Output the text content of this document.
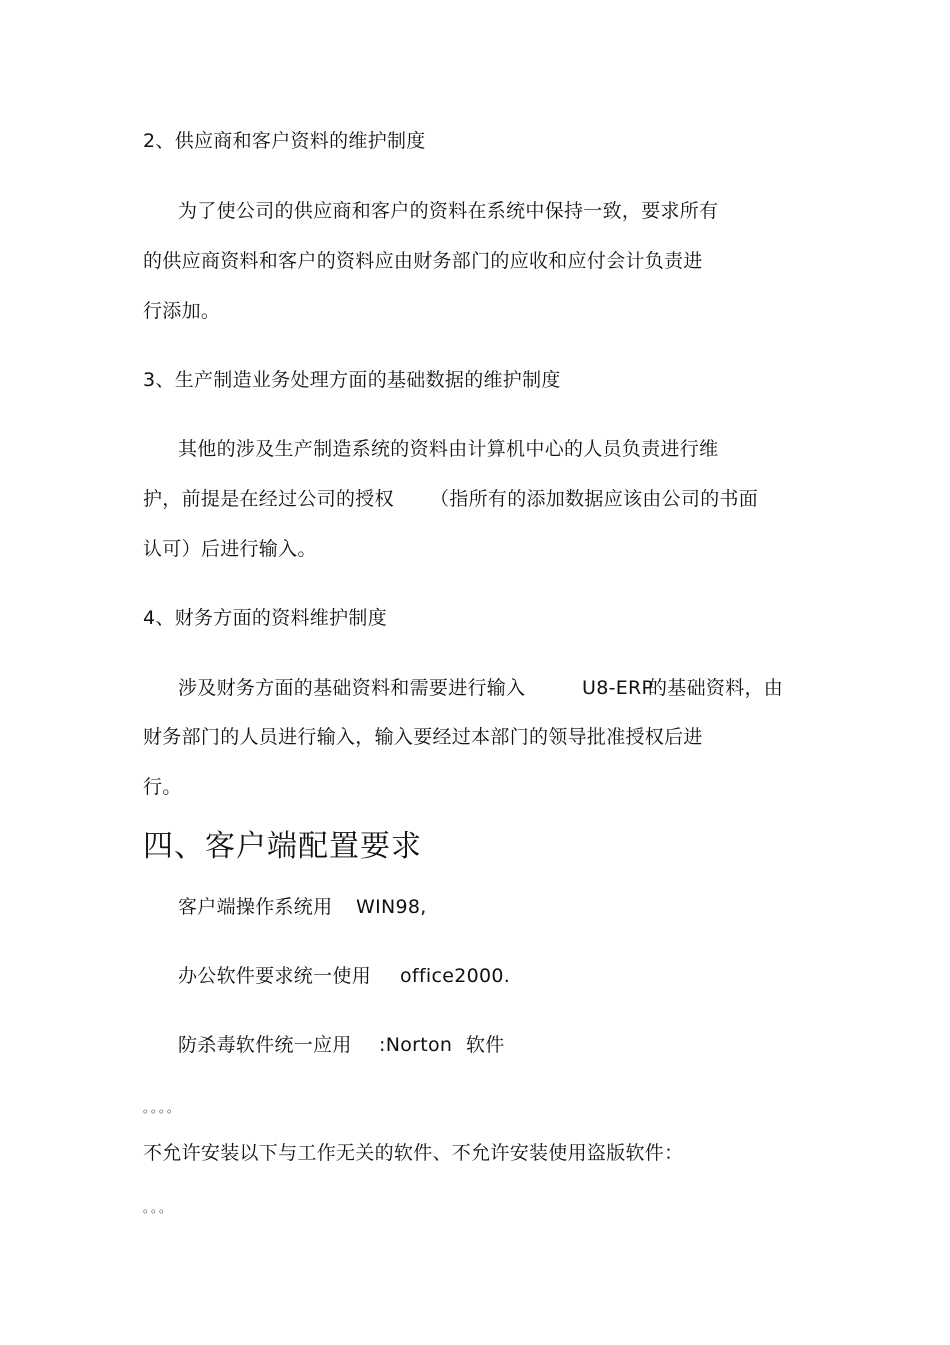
2、供应商和客户资料的维护制度
为了使公司的供应商和客户的资料在系统中保持一致，要求所有
的供应商资料和客户的资料应由财务部门的应收和应付会计负责进
行添加。
3、生产制造业务处理方面的基础数据的维护制度
其他的涉及生产制造系统的资料由计算机中心的人员负责进行维
护，前提是在经过公司的授权 （指所有的添加数据应该由公司的书面
认可）后进行输入。
4、财务方面的资料维护制度
涉及财务方面的基础资料和需要进行输入	U8-ERP
的基础资料，由
财务部门的人员进行输入，输入要经过本部门的领导批准授权后进
行。
四、客户端配置要求
客户端操作系统用 WIN98,
办公软件要求统一使用 office2000.
防杀毒软件统一应用 :Norton 软件
。。。。
不允许安装以下与工作无关的软件、不允许安装使用盗版软件：
。。。
